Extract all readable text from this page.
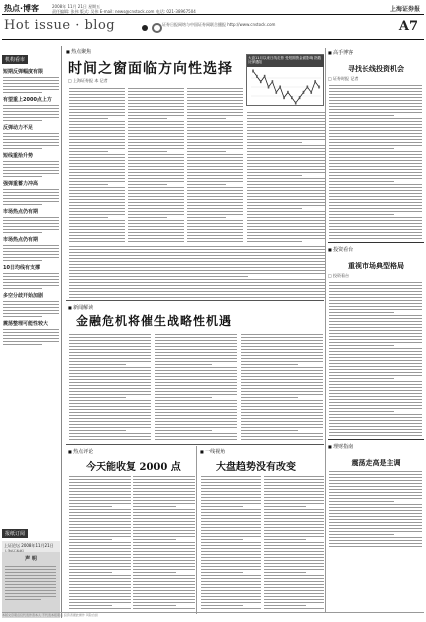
热点·博客	2008年 11月 21日 星期五
责任编辑: 张伟 版式: 吴伟 E-mail: news@cnstock.com 电话: 021-38967504	上海证券报
Hot issue · blog	证券日报网络与中国证券网联合播报 http://www.cnstock.com	A7
机构看市
短期反弹幅度有限
有望重上2000点上方
反弹动力不足
短线重拾升势
强弹重蓄力冲高
市场热点仍有期
市场热点仍有期
10日均线有支撑
多空分歧开始加剧
震荡整理可能性较大
报纸订阅
上证论坛 2008年11月21日
声 明
■ 热点聚焦
时间之窗面临方向性选择
□ 上海证券报 本 记者
大盘11月以来日线走势 受短期资金面影响 指数反弹遇阻
■ 新闻解读
金融危机将催生战略性机遇
■ 热点评论
今天能收复 2000 点
■ 一线视角
大盘趋势没有改变
■ 高手博客
寻找长线投资机会
□ 证券时报 记者
■ 投资看台
重视市场典型格局
□ 投资看台
■ 理财指南
震荡走高是主调
本版文章观点仅代表作者本人 不代表本报观点 投资者据此操作 风险自担
